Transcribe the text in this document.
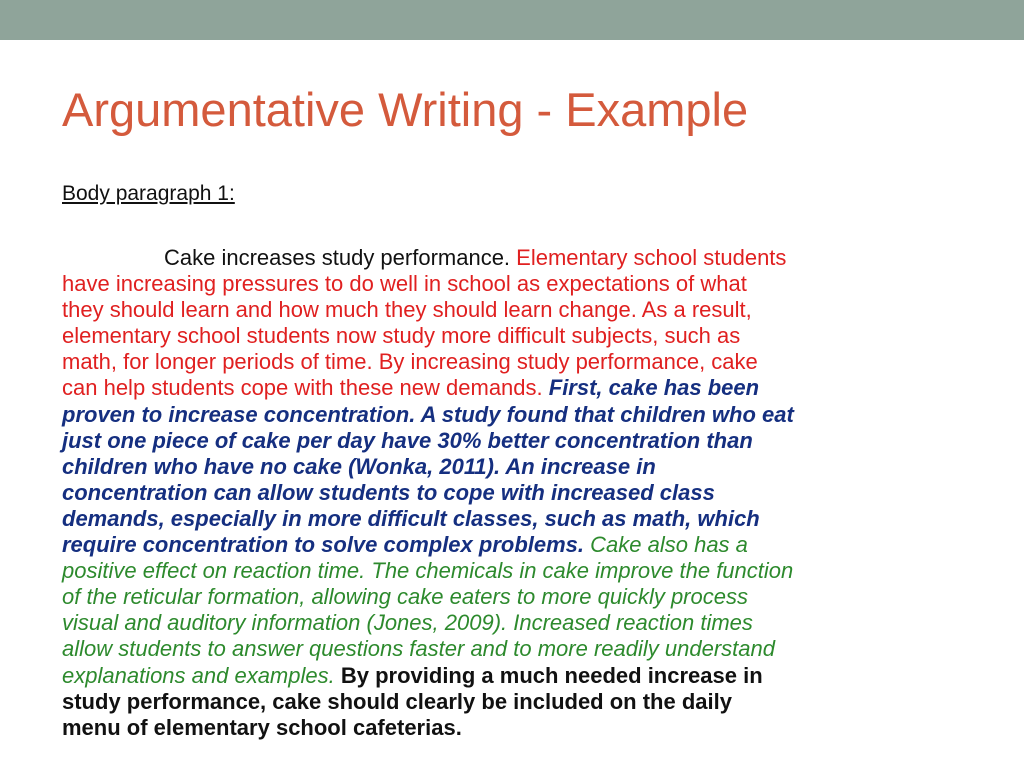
Argumentative Writing - Example
Body paragraph 1:
Cake increases study performance. Elementary school students
have increasing pressures to do well in school as expectations of what
they should learn and how much they should learn change. As a result,
elementary school students now study more difficult subjects, such as
math, for longer periods of time. By increasing study performance, cake
can help students cope with these new demands. First, cake has been
proven to increase concentration. A study found that children who eat
just one piece of cake per day have 30% better concentration than
children who have no cake (Wonka, 2011). An increase in
concentration can allow students to cope with increased class
demands, especially in more difficult classes, such as math, which
require concentration to solve complex problems. Cake also has a
positive effect on reaction time. The chemicals in cake improve the function
of the reticular formation, allowing cake eaters to more quickly process
visual and auditory information (Jones, 2009). Increased reaction times
allow students to answer questions faster and to more readily understand
explanations and examples. By providing a much needed increase in
study performance, cake should clearly be included on the daily
menu of elementary school cafeterias.
